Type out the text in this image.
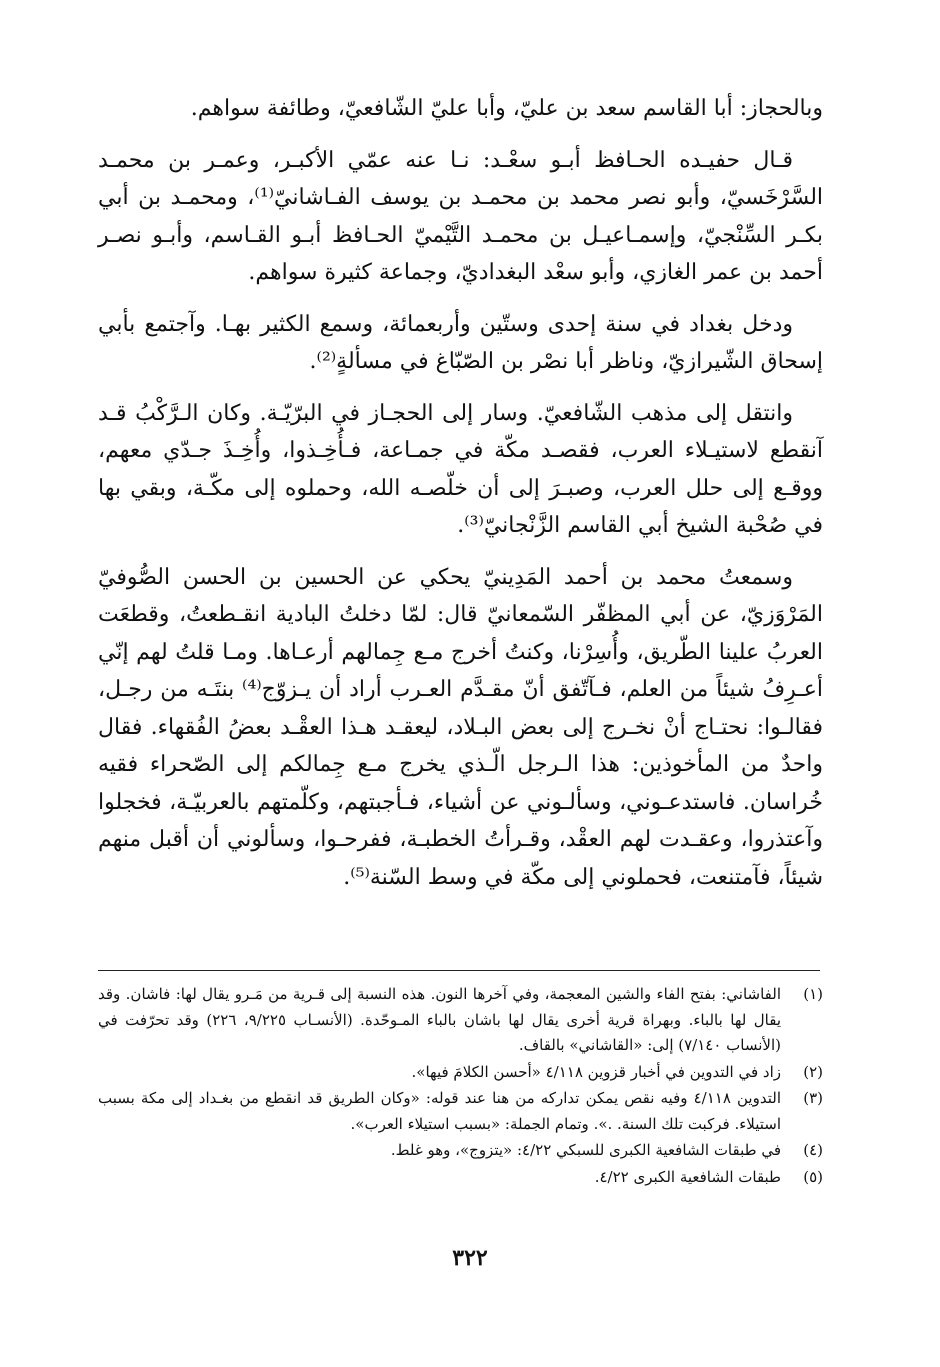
وبالحجاز: أبا القاسم سعد بن عليّ، وأبا عليّ الشّافعيّ، وطائفة سواهم.

قـال حفيـده الحـافظ أبـو سعْـد: نـا عنه عمّي الأكبـر، وعمـر بن محمـد السَّرْخَسيّ، وأبو نصر محمد بن محمـد بن يوسف الفـاشانيّ⁽¹⁾، ومحمـد بن أبي بكـر السِّنْجيّ، وإسمـاعيـل بن محمـد التَّيْميّ الحـافظ أبـو القـاسم، وأبـو نصـر أحمد بن عمر الغازي، وأبو سعْد البغداديّ، وجماعة كثيرة سواهم.

ودخل بغداد في سنة إحدى وستّين وأربعمائة، وسمع الكثير بهـا. وآجتمع بأبي إسحاق الشّيرازيّ، وناظر أبا نصْر بن الصّبّاغ في مسألةٍ⁽²⁾.

وانتقل إلى مذهب الشّافعيّ. وسار إلى الحجـاز في البرّيّـة. وكان الـرَّكْبُ قـد آنقطع لاستيـلاء العرب، فقصـد مكّة في جمـاعة، فـأُخِـذوا، وأُخِـذَ جـدّي معهم، ووقـع إلى حلل العرب، وصبـرَ إلى أن خلّصـه الله، وحملوه إلى مكّـة، وبقي بها في صُحْبة الشيخ أبي القاسم الزَّنْجانيّ⁽³⁾.

وسمعتُ محمد بن أحمد المَدِينيّ يحكي عن الحسين بن الحسن الصُّوفيّ المَرْوَزيّ، عن أبي المظفّر السّمعانيّ قال: لمّا دخلتُ البادية انقـطعتُ، وقطعَت العربُ علينا الطّريق، وأُسِرْنا، وكنتُ أخرج مـع جِمالهم أرعـاها. ومـا قلتُ لهم إنّي أعـرِفُ شيئاً من العلم، فـآتّفق أنّ مقـدَّم العـرب أراد أن يـزوّج⁽⁴⁾ بنتَـه من رجـل، فقالـوا: نحتـاج أنْ نخـرج إلى بعض البـلاد، ليعقـد هـذا العقْـد بعضُ الفُقهاء. فقال واحدٌ من المأخوذين: هذا الـرجل الّـذي يخرج مـع جِمالكم إلى الصّحراء فقيه خُراسان. فاستدعـوني، وسألـوني عن أشياء، فـأجبتهم، وكلّمتهم بالعربيّـة، فخجلوا وآعتذروا، وعقـدت لهم العقْد، وقـرأتُ الخطبـة، ففرحـوا، وسألوني أن أقبل منهم شيئاً، فآمتنعت، فحملوني إلى مكّة في وسط السّنة⁽⁵⁾.

(١)
الفاشاني: بفتح الفاء والشين المعجمة، وفي آخرها النون. هذه النسبة إلى قـرية من مَـرو يقال لها: فاشان. وقد يقال لها بالباء. وبهراة قرية أخرى يقال لها باشان بالباء المـوحّدة. (الأنسـاب ٩/٢٢٥، ٢٢٦) وقد تحرّفت في (الأنساب ٧/١٤٠) إلى: «القاشاني» بالقاف.
(٢)
زاد في التدوين في أخبار قزوين ٤/١١٨ «أحسن الكلامَ فيها».
(٣)
التدوين ٤/١١٨ وفيه نقص يمكن تداركه من هنا عند قوله: «وكان الطريق قد انقطع من بغـداد إلى مكة بسبب استيلاء. فركبت تلك السنة. .». وتمام الجملة: «بسبب استيلاء العرب».
(٤)
في طبقات الشافعية الكبرى للسبكي ٤/٢٢: «يتزوج»، وهو غلط.
(٥)
طبقات الشافعية الكبرى ٤/٢٢.
٣٢٢
